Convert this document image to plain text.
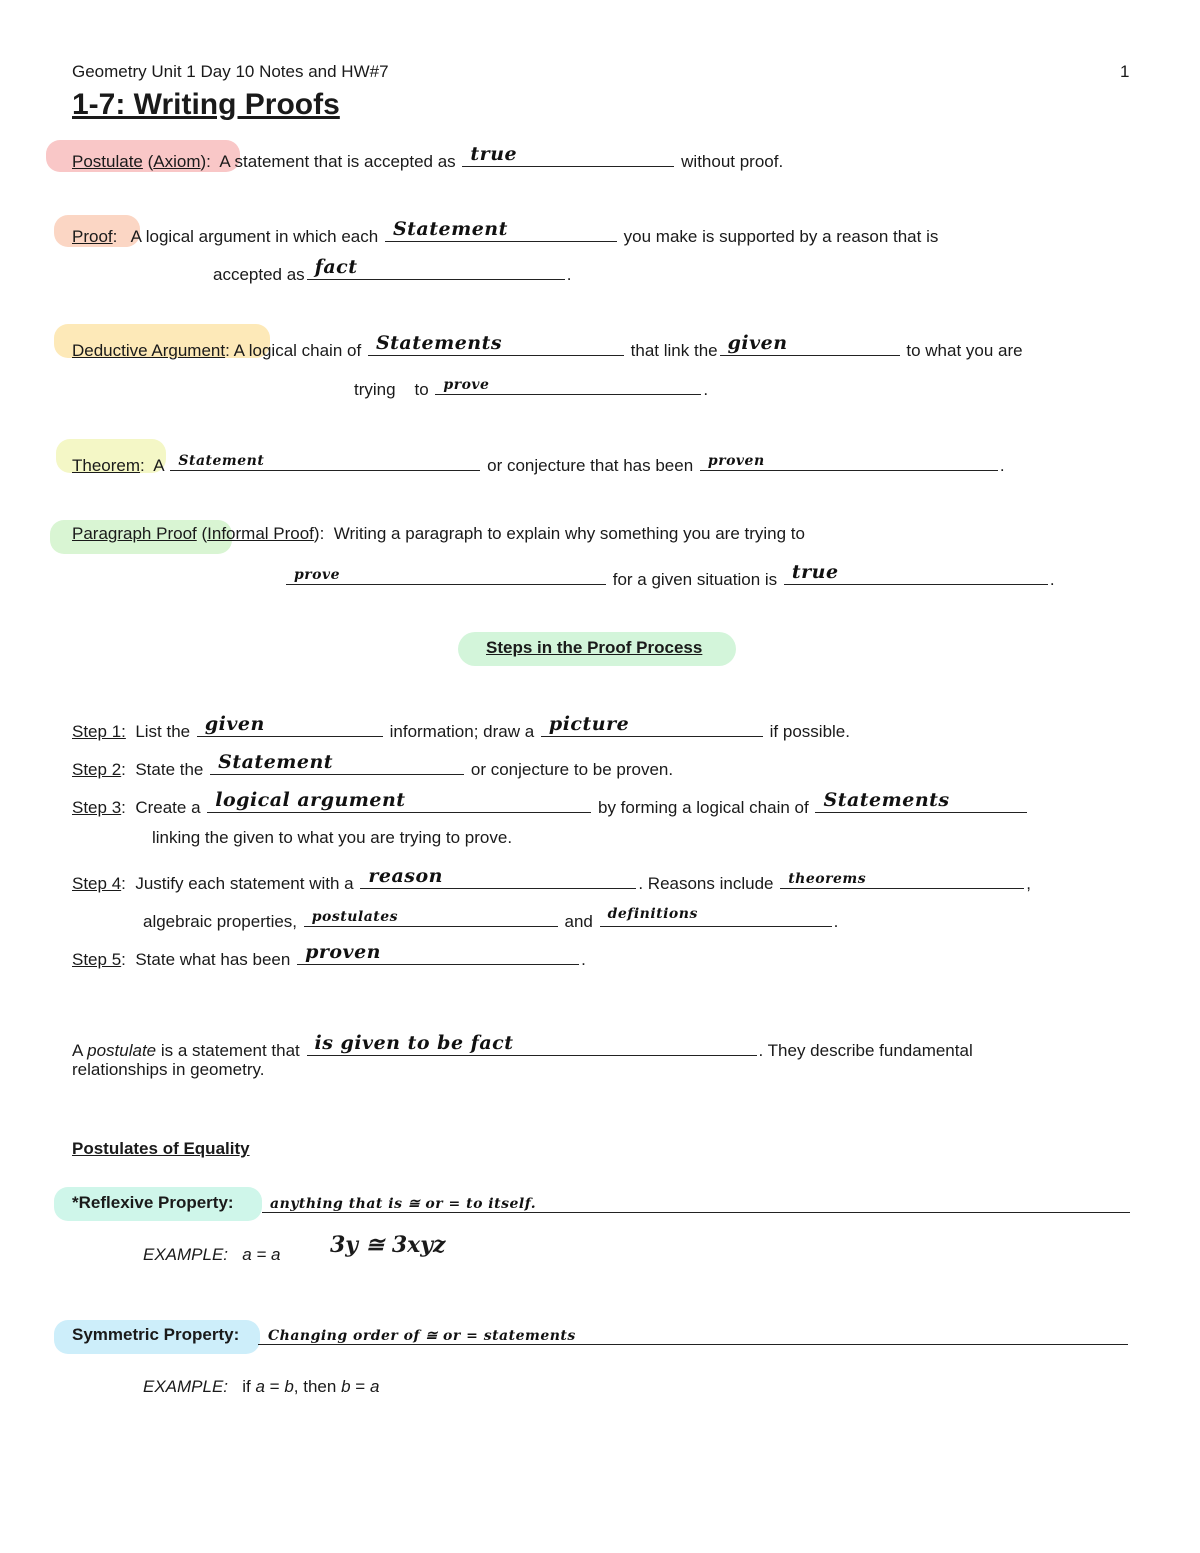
Geometry Unit 1 Day 10 Notes and HW#7	1
1-7: Writing Proofs
Postulate (Axiom):  A statement that is accepted as true	without proof.
Proof:   A logical argument in which each Statement	you make is supported by a reason that is
accepted as fact	.
Deductive Argument: A logical chain of Statements	that link the given	to what you are
trying to prove	.
Theorem:  A Statement	or conjecture that has been proven	.
Paragraph Proof (Informal Proof):  Writing a paragraph to explain why something you are trying to
prove	for a given situation is true	.
Steps in the Proof Process
Step 1: List the given	information; draw a picture	if possible.
Step 2:  State the Statement	or conjecture to be proven.
Step 3:  Create a logical argument	by forming a logical chain of Statements
linking the given to what you are trying to prove.
Step 4:  Justify each statement with a reason	. Reasons include theorems	,
algebraic properties, postulates	and definitions	.
Step 5:  State what has been proven	.
A postulate is a statement that is given to be fact	. They describe fundamental
relationships in geometry.
Postulates of Equality
*Reflexive Property:	anything that is ≅ or = to itself.
EXAMPLE: a = a 3y ≅ 3xyz
Symmetric Property: Changing order of ≅ or = statements
EXAMPLE: if a = b, then b = a
